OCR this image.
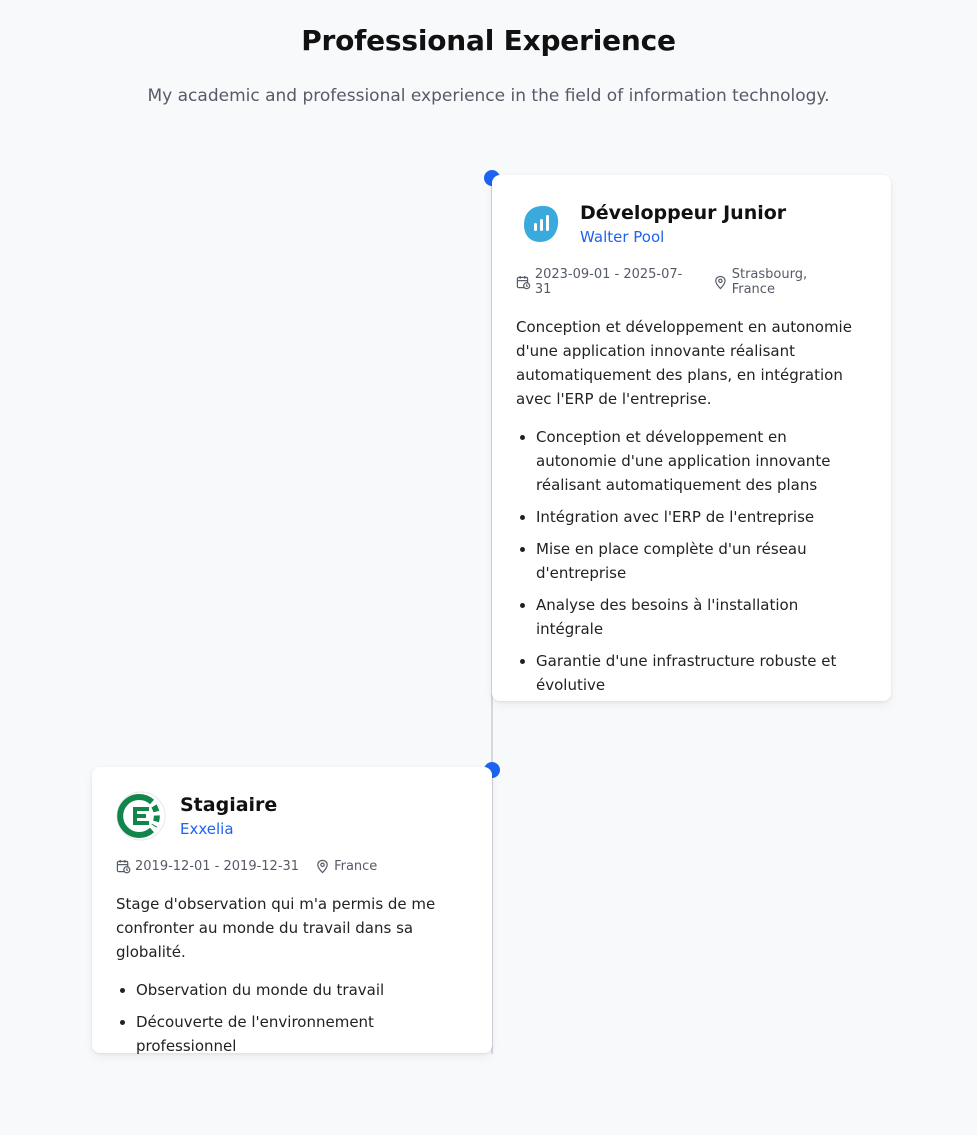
Professional Experience

My academic and professional experience in the field of information technology.

Développeur Junior
Walter Pool
2023-09-01 - 2025-07-31
Strasbourg, France

Conception et développement en autonomie d'une application innovante réalisant automatiquement des plans, en intégration avec l'ERP de l'entreprise.

• Conception et développement en autonomie d'une application innovante réalisant automatiquement des plans
• Intégration avec l'ERP de l'entreprise
• Mise en place complète d'un réseau d'entreprise
• Analyse des besoins à l'installation intégrale
• Garantie d'une infrastructure robuste et évolutive
Stagiaire
Exxelia
2019-12-01 - 2019-12-31	France

Stage d'observation qui m'a permis de me confronter au monde du travail dans sa globalité.

• Observation du monde du travail
• Découverte de l'environnement professionnel
